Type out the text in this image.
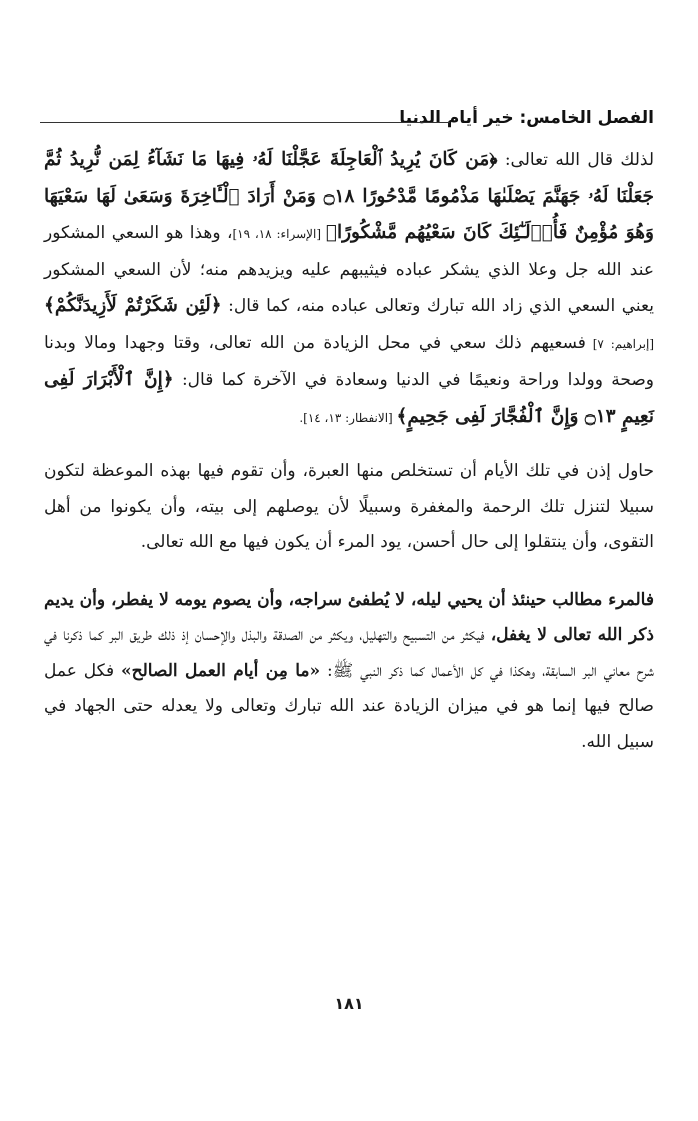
الفصل الخامس: خير أيام الدنيا

لذلك قال الله تعالى: ﴿مَن كَانَ يُرِيدُ ٱلْعَاجِلَةَ عَجَّلْنَا لَهُۥ فِيهَا مَا نَشَآءُ لِمَن نُّرِيدُ ثُمَّ جَعَلْنَا لَهُۥ جَهَنَّمَ يَصْلَىٰهَا مَذْمُومًا مَّدْحُورًا ۝١٨ وَمَنْ أَرَادَ ٱلْـَٔاخِرَةَ وَسَعَىٰ لَهَا سَعْيَهَا وَهُوَ مُؤْمِنٌ فَأُو۟لَـٰٓئِكَ كَانَ سَعْيُهُم مَّشْكُورًا﴾ [الإسراء: ١٨، ١٩]، وهذا هو السعي المشكور عند الله جل وعلا الذي يشكر عباده فيثيبهم عليه ويزيدهم منه؛ لأن السعي المشكور يعني السعي الذي زاد الله تبارك وتعالى عباده منه، كما قال: ﴿لَئِن شَكَرْتُمْ لَأَزِيدَنَّكُمْ﴾ [إبراهيم: ٧] فسعيهم ذلك سعي في محل الزيادة من الله تعالى، وقتا وجهدا ومالا وبدنا وصحة وولدا وراحة ونعيمًا في الدنيا وسعادة في الآخرة كما قال: ﴿إِنَّ ٱلْأَبْرَارَ لَفِى نَعِيمٍ ۝١٣ وَإِنَّ ٱلْفُجَّارَ لَفِى جَحِيمٍ﴾ [الانفطار: ١٣، ١٤].

حاول إذن في تلك الأيام أن تستخلص منها العبرة، وأن تقوم فيها بهذه الموعظة لتكون سبيلا لتنزل تلك الرحمة والمغفرة وسبيلًا لأن يوصلهم إلى بيته، وأن يكونوا من أهل التقوى، وأن ينتقلوا إلى حال أحسن، يود المرء أن يكون فيها مع الله تعالى.

فالمرء مطالب حينئذ أن يحيي ليله، لا يُطفئ سراجه، وأن يصوم يومه لا يفطر، وأن يديم ذكر الله تعالى لا يغفل، فيكثر من التسبيح والتهليل، ويكثر من الصدقة والبذل والإحسان إذ ذلك طريق البر كما ذكرنا في شرح معاني البر السابقة، وهكذا في كل الأعمال كما ذكر النبي ﷺ: «ما مِن أيام العمل الصالح» فكل عمل صالح فيها إنما هو في ميزان الزيادة عند الله تبارك وتعالى ولا يعدله حتى الجهاد في سبيل الله.

١٨١
